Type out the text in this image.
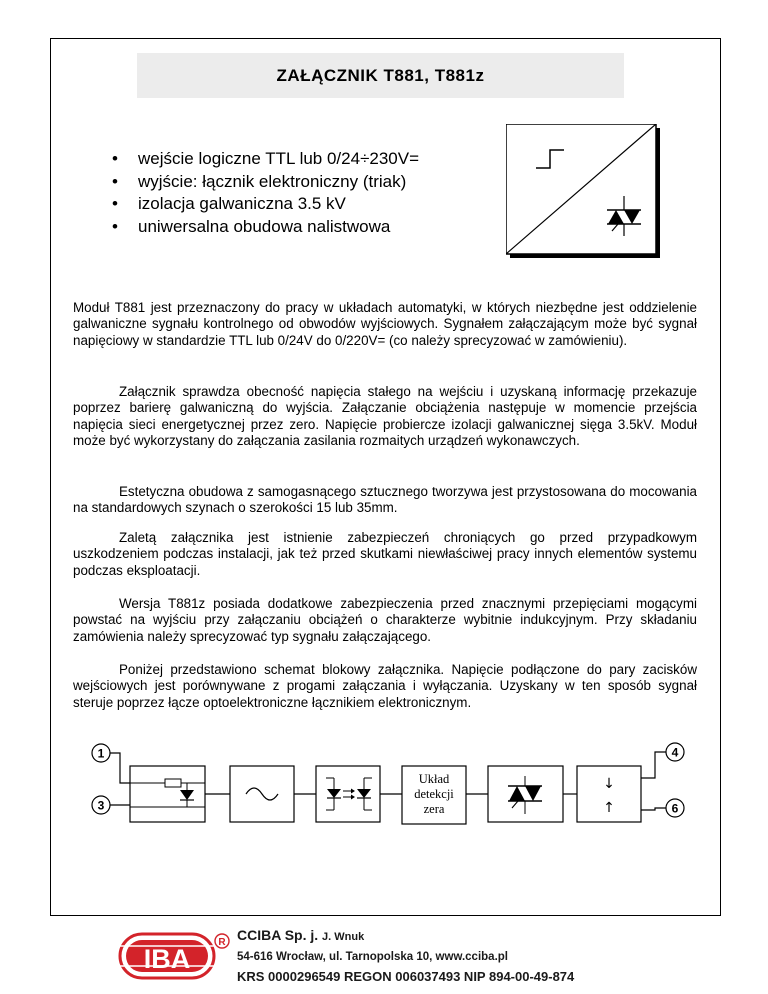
ZAŁĄCZNIK T881, T881z
• wejście logiczne TTL lub 0/24÷230V=
• wyjście: łącznik elektroniczny (triak)
• izolacja galwaniczna 3.5 kV
• uniwersalna obudowa nalistwowa

Moduł T881 jest przeznaczony do pracy w układach automatyki, w których niezbędne jest oddzielenie galwaniczne sygnału kontrolnego od obwodów wyjściowych. Sygnałem załączającym może być sygnał napięciowy w standardzie TTL lub 0/24V do 0/220V= (co należy sprecyzować w zamówieniu).

Załącznik sprawdza obecność napięcia stałego na wejściu i uzyskaną informację przekazuje poprzez barierę galwaniczną do wyjścia. Załączanie obciążenia następuje w momencie przejścia napięcia sieci energetycznej przez zero. Napięcie probiercze izolacji galwanicznej sięga 3.5kV. Moduł może być wykorzystany do załączania zasilania rozmaitych urządzeń wykonawczych.

Estetyczna obudowa z samogasnącego sztucznego tworzywa jest przystosowana do mocowania na standardowych szynach o szerokości 15 lub 35mm.

Zaletą załącznika jest istnienie zabezpieczeń chroniących go przed przypadkowym uszkodzeniem podczas instalacji, jak też przed skutkami niewłaściwej pracy innych elementów systemu podczas eksploatacji.

Wersja T881z posiada dodatkowe zabezpieczenia przed znacznymi przepięciami mogącymi powstać na wyjściu przy załączaniu obciążeń o charakterze wybitnie indukcyjnym. Przy składaniu zamówienia należy sprecyzować typ sygnału załączającego.

Poniżej przedstawiono schemat blokowy załącznika. Napięcie podłączone do pary zacisków wejściowych jest porównywane z progami załączania i wyłączania. Uzyskany w ten sposób sygnał steruje poprzez łącze optoelektroniczne łącznikiem elektronicznym.

1
3
4
6
Układ
detekcji
zera
↓
↑
IBA
R CCIBA Sp. j. J. Wnuk
54-616 Wrocław, ul. Tarnopolska 10, www.cciba.pl
KRS 0000296549 REGON 006037493 NIP 894-00-49-874
